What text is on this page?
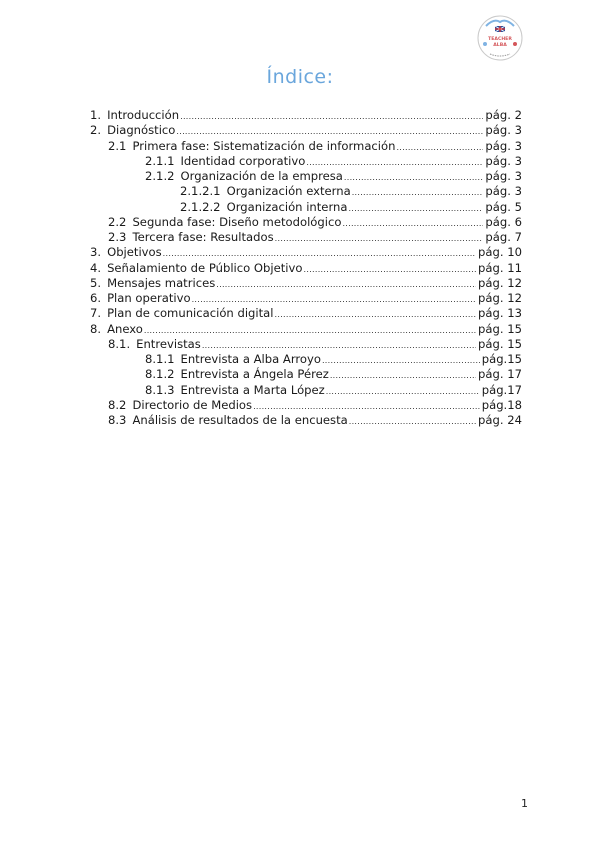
TEACHER
ALBA
Índice:
1. Introducción .....	pág. 2
2. Diagnóstico .....	pág. 3
2.1 Primera fase: Sistematización de información .....	pág. 3
2.1.1 Identidad corporativo .....	pág. 3
2.1.2 Organización de la empresa .....	pág. 3
2.1.2.1 Organización externa .....	pág. 3
2.1.2.2 Organización interna .....	pág. 5
2.2 Segunda fase: Diseño metodológico .....	pág. 6
2.3 Tercera fase: Resultados .....	pág. 7
3. Objetivos .....	pág. 10
4. Señalamiento de Público Objetivo .....	pág. 11
5. Mensajes matrices .....	pág. 12
6. Plan operativo .....	pág. 12
7. Plan de comunicación digital .....	pág. 13
8. Anexo .....	pág. 15
8.1. Entrevistas .....	pág. 15
8.1.1 Entrevista a Alba Arroyo .....	pág.15
8.1.2 Entrevista a Ángela Pérez .....	pág. 17
8.1.3 Entrevista a Marta López .....	pág.17
8.2 Directorio de Medios .....	pág.18
8.3 Análisis de resultados de la encuesta .....	pág. 24
1
